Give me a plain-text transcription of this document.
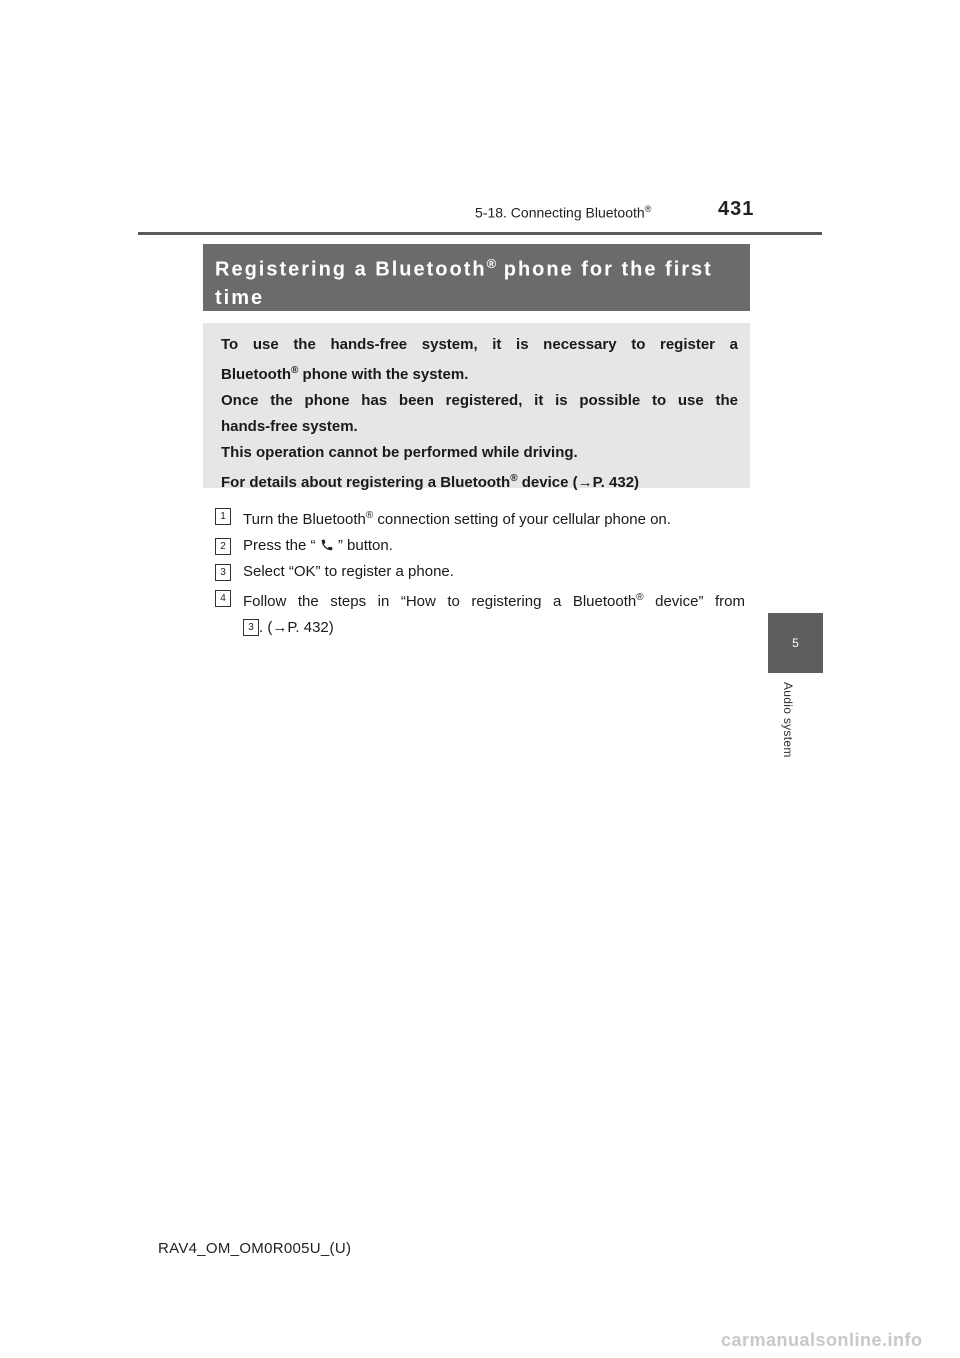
5-18. Connecting Bluetooth®	431
5
Audio system
Registering a Bluetooth® phone for the first
time

To use the hands-free system, it is necessary to register a

Bluetooth® phone with the system.

Once the phone has been registered, it is possible to use the

hands-free system.

This operation cannot be performed while driving.

For details about registering a Bluetooth® device (→P. 432)

1	Turn the Bluetooth® connection setting of your cellular phone on.
2	Press the “  ” button.
3	Select “OK” to register a phone.
4	Follow the steps in “How to registering a Bluetooth® device” from
3 . (→P. 432)
RAV4_OM_OM0R005U_(U)
carmanualsonline.info
